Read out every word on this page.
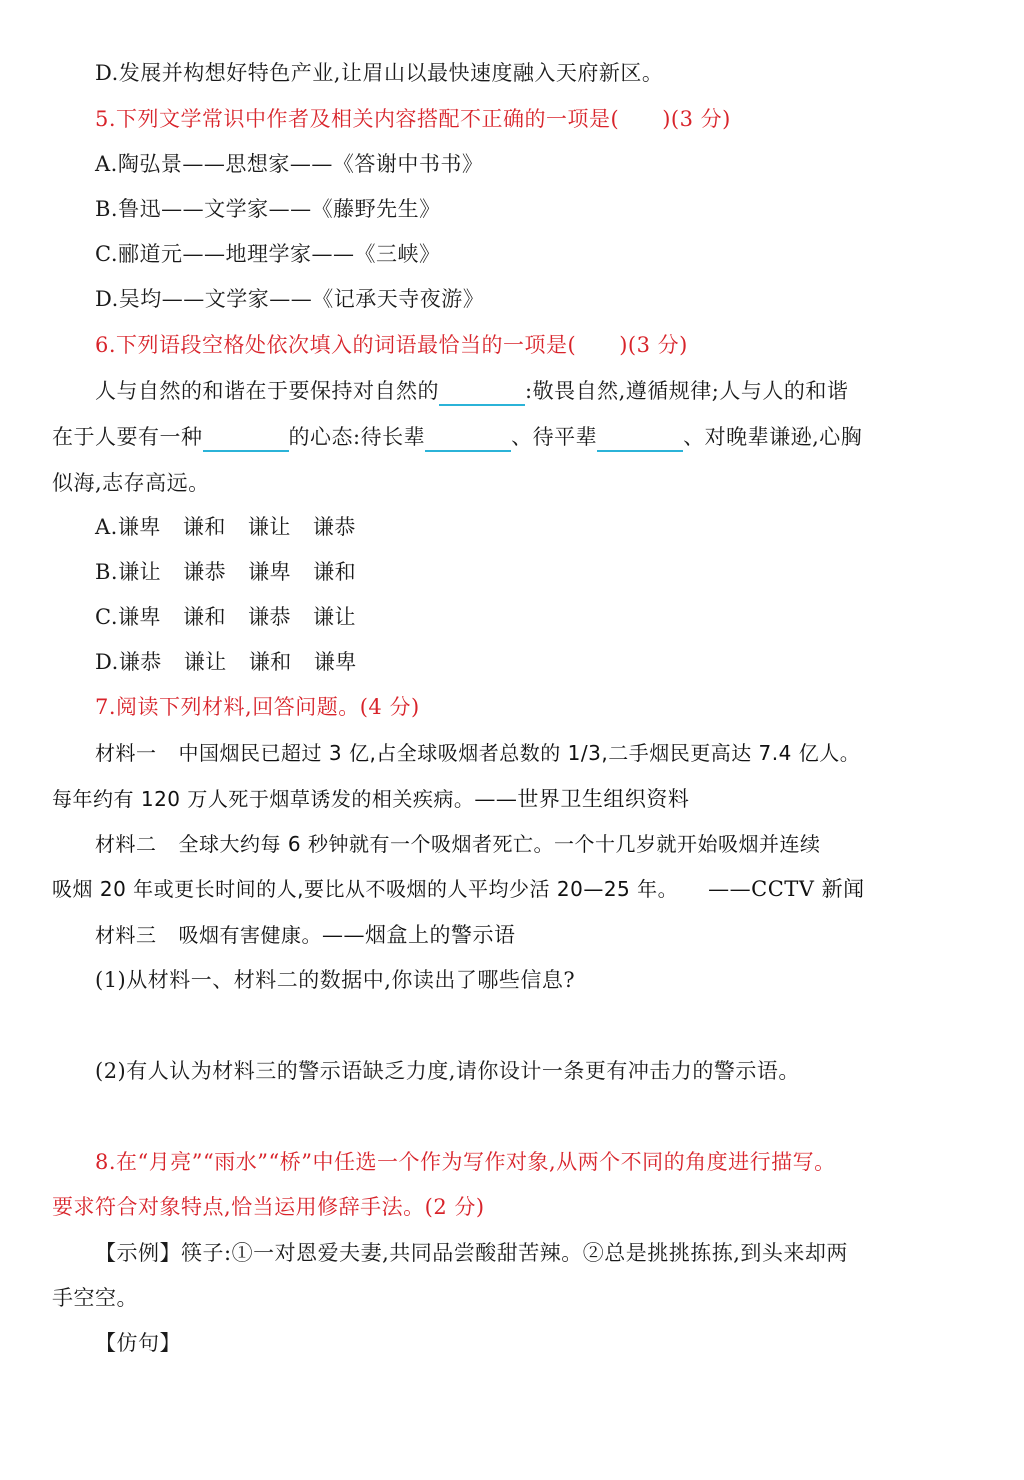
D.发展并构想好特色产业,让眉山以最快速度融入天府新区。
5.下列文学常识中作者及相关内容搭配不正确的一项是(　　)(3 分)
A.陶弘景——思想家——《答谢中书书》
B.鲁迅——文学家——《藤野先生》
C.郦道元——地理学家——《三峡》
D.吴均——文学家——《记承天寺夜游》
6.下列语段空格处依次填入的词语最恰当的一项是(　　)(3 分)
人与自然的和谐在于要保持对自然的	:敬畏自然,遵循规律;人与人的和谐
在于人要有一种	的心态:待长辈	、待平辈	、对晚辈谦逊,心胸
似海,志存高远。
A.谦卑 谦和 谦让 谦恭
B.谦让 谦恭 谦卑 谦和
C.谦卑 谦和 谦恭 谦让
D.谦恭 谦让 谦和 谦卑
7.阅读下列材料,回答问题。(4 分)
材料一 中国烟民已超过 3 亿,占全球吸烟者总数的 1/3,二手烟民更高达 7.4 亿人。
每年约有 120 万人死于烟草诱发的相关疾病。——世界卫生组织资料
材料二 全球大约每 6 秒钟就有一个吸烟者死亡。一个十几岁就开始吸烟并连续
吸烟 20 年或更长时间的人,要比从不吸烟的人平均少活 20—25 年。 ——CCTV 新闻
材料三 吸烟有害健康。——烟盒上的警示语
(1)从材料一、材料二的数据中,你读出了哪些信息?
(2)有人认为材料三的警示语缺乏力度,请你设计一条更有冲击力的警示语。
8.在“月亮”“雨水”“桥”中任选一个作为写作对象,从两个不同的角度进行描写。
要求符合对象特点,恰当运用修辞手法。(2 分)
【示例】筷子:①一对恩爱夫妻,共同品尝酸甜苦辣。②总是挑挑拣拣,到头来却两
手空空。
【仿句】
